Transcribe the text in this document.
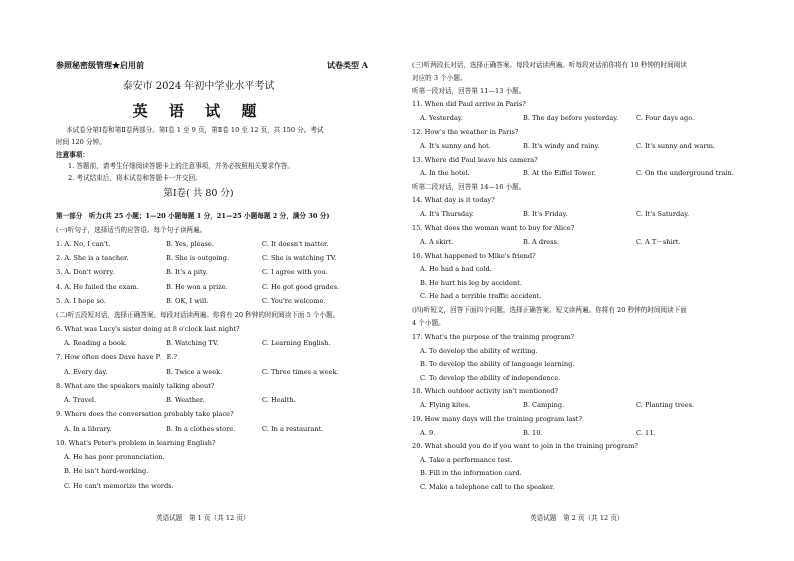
参照秘密级管理★启用前	试卷类型 A
泰安市 2024 年初中学业水平考试
英 语 试 题
本试卷分第Ⅰ卷和第Ⅱ卷两部分。第Ⅰ卷 1 至 9 页，第Ⅱ卷 10 至 12 页，共 150 分。考试
时间 120 分钟。
注意事项：
1. 答题前，请考生仔细阅读答题卡上的注意事项，并务必按照相关要求作答。
2. 考试结束后，将本试卷和答题卡一并交回。
第Ⅰ卷( 共 80 分)
第一部分　听力(共 25 小题；1—20 小题每题 1 分，21—25 小题每题 2 分，满分 30 分)
(一)听句子，选择适当的应答语。每个句子读两遍。
1. A. No, I can't.	B. Yes, please.	C. It doesn't matter.
2. A. She is a teacher.	B. She is outgoing.	C. She is watching TV.
3. A. Don't worry.	B. It's a pity.	C. I agree with you.
4. A. He failed the exam.	B. He won a prize.	C. He got good grades.
5. A. I hope so.	B. OK, I will.	C. You're welcome.
(二)听五段短对话，选择正确答案。每段对话读两遍。你将有 20 秒钟的时间阅读下面 5 个小题。
6. What was Lucy's sister doing at 8 o'clock last night?
A. Reading a book.	B. Watching TV.	C. Learning English.
7. How often does Dave have P．E.?
A. Every day.	B. Twice a week.	C. Three times a week.
8. What are the speakers mainly talking about?
A. Travel.	B. Weather.	C. Health.
9. Where does the conversation probably take place?
A. In a library.	B. In a clothes store.	C. In a restaurant.
10. What's Peter's problem in learning English?
A. He has poor pronunciation.
B. He isn't hard-working.
C. He can't memorize the words.
英语试题　第 1 页（共 12 页）
(三)听两段长对话，选择正确答案。每段对话读两遍。听每段对话前你将有 10 秒钟的时间阅读
对应的 3 个小题。
听第一段对话，回答第 11—13 小题。
11. When did Paul arrive in Paris?
A. Yesterday.	B. The day before yesterday.	C. Four days ago.
12. How's the weather in Paris?
A. It's sunny and hot.	B. It's windy and rainy.	C. It's sunny and warm.
13. Where did Paul leave his camera?
A. In the hotel.	B. At the Eiffel Tower.	C. On the underground train.
听第二段对话，回答第 14—16 小题。
14. What day is it today?
A. It's Thursday.	B. It's Friday.	C. It's Saturday.
15. What does the woman want to buy for Alice?
A. A skirt.	B. A dress.	C. A T－shirt.
16. What happened to Mike's friend?
A. He had a bad cold.
B. He hurt his leg by accident.
C. He had a terrible traffic accident.
(四)听短文，回答下面四个问题，选择正确答案。短文读两遍。你将有 20 秒钟的时间阅读下面
4 个小题。
17. What's the purpose of the training program?
A. To develop the ability of writing.
B. To develop the ability of language learning.
C. To develop the ability of independence.
18. Which outdoor activity isn't mentioned?
A. Flying kites.	B. Camping.	C. Planting trees.
19. How many days will the training program last?
A. 9.	B. 10.	C. 11.
20. What should you do if you want to join in the training program?
A. Take a performance test.
B. Fill in the information card.
C. Make a telephone call to the speaker.
英语试题　第 2 页（共 12 页）
